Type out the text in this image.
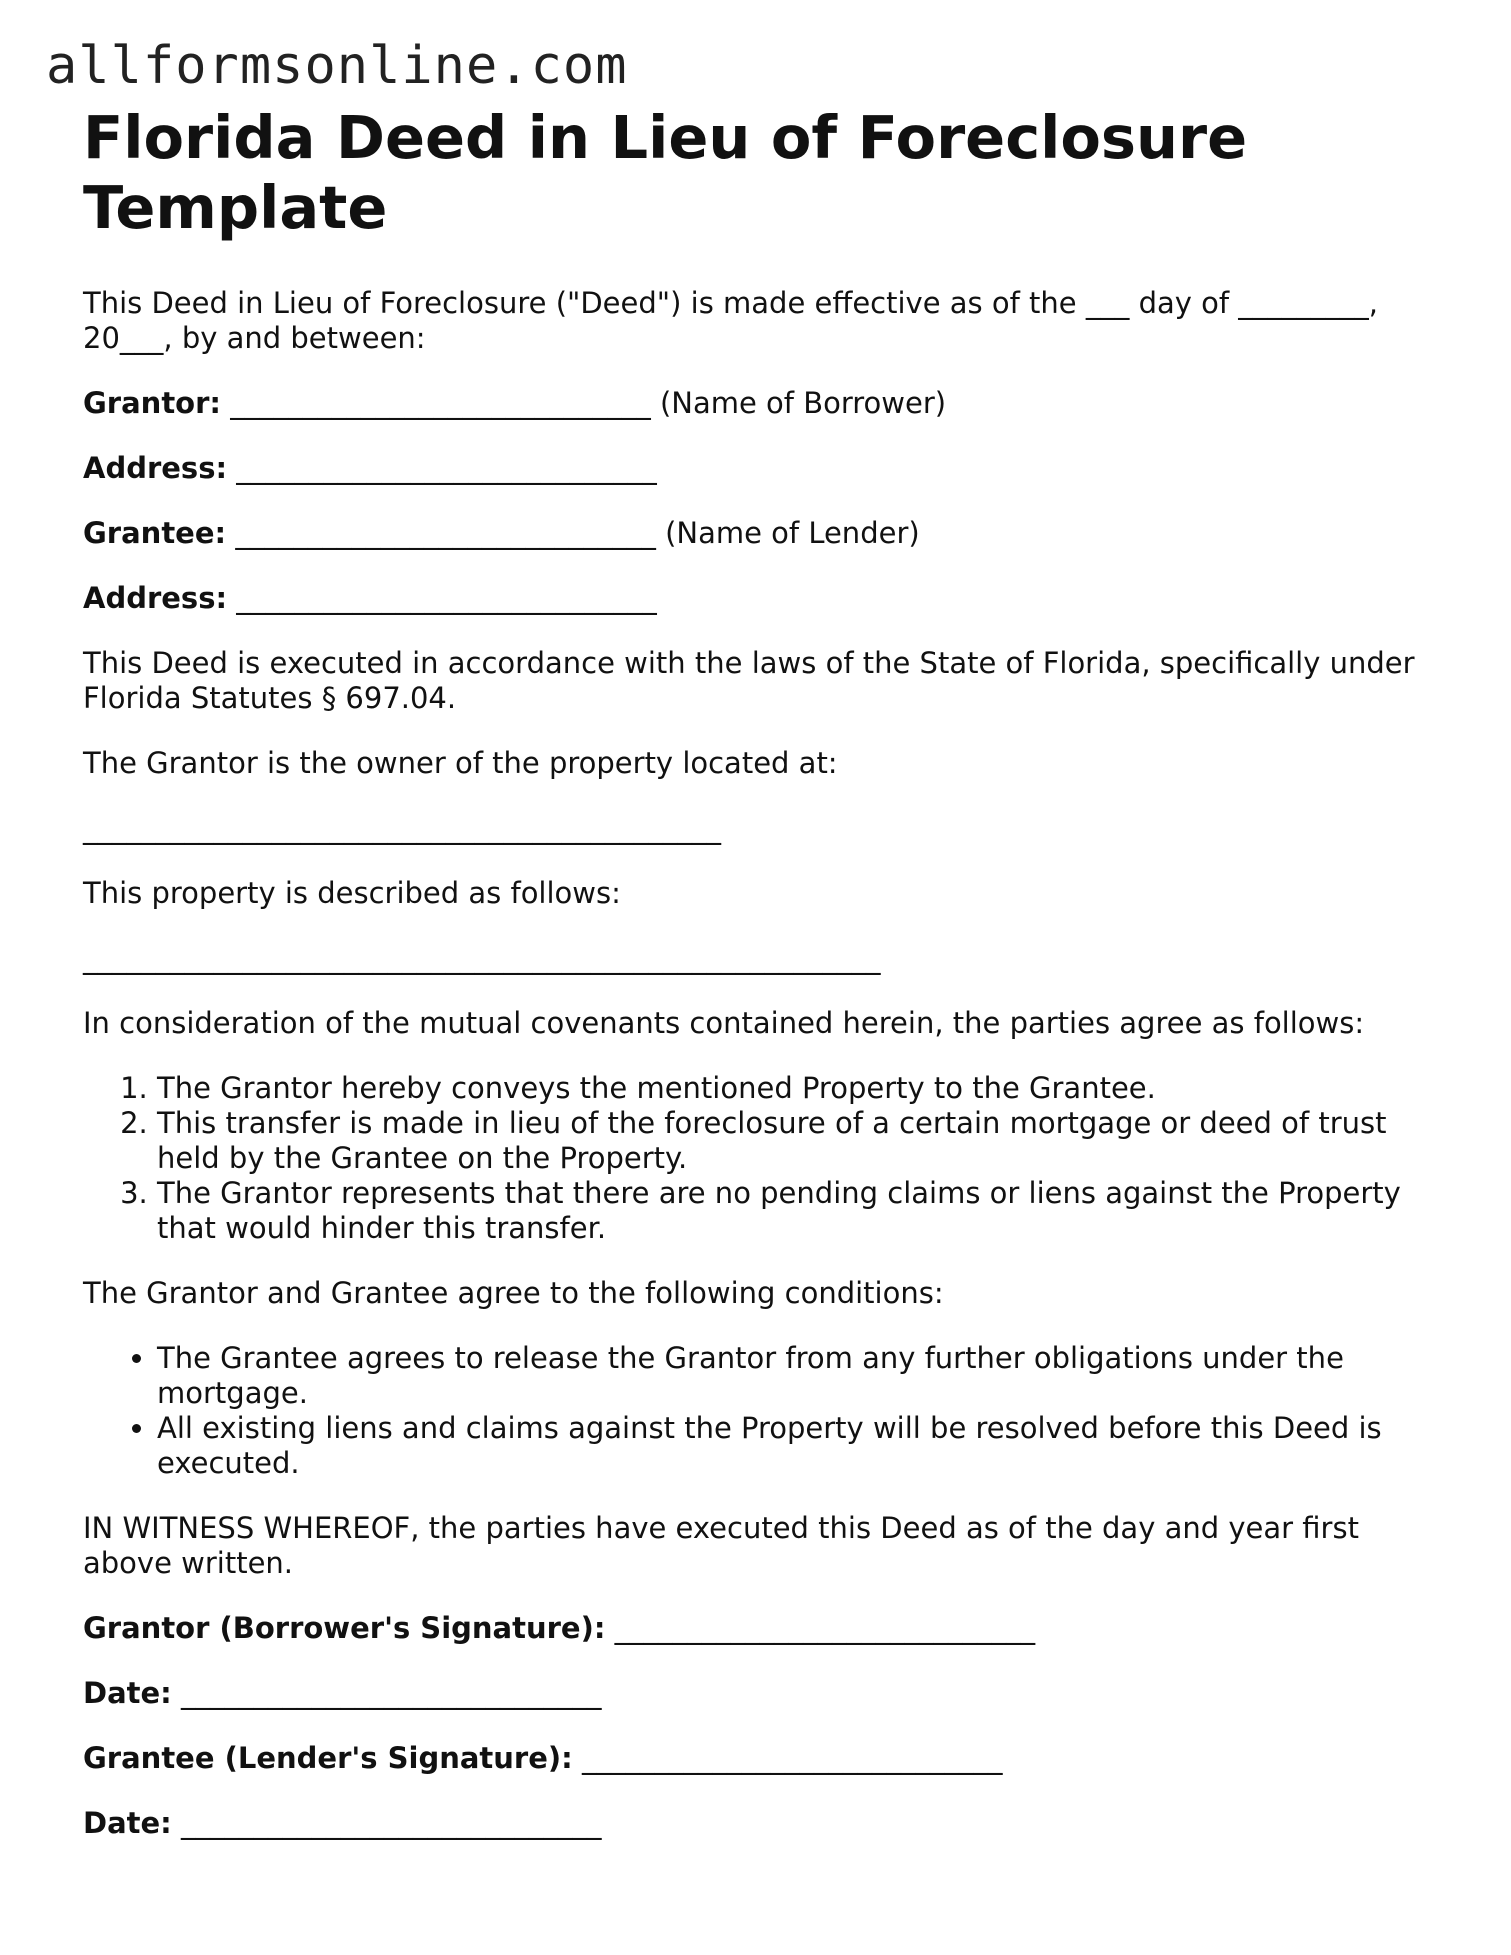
allformsonline.com
Florida Deed in Lieu of Foreclosure Template

This Deed in Lieu of Foreclosure ("Deed") is made effective as of the ___ day of _________, 20___, by and between:

Grantor: _____________________________ (Name of Borrower)
Address: _____________________________
Grantee: _____________________________ (Name of Lender)
Address: _____________________________

This Deed is executed in accordance with the laws of the State of Florida, specifically under Florida Statutes § 697.04.

The Grantor is the owner of the property located at:

____________________________________________

This property is described as follows:

_______________________________________________________

In consideration of the mutual covenants contained herein, the parties agree as follows:

1. The Grantor hereby conveys the mentioned Property to the Grantee.
2. This transfer is made in lieu of the foreclosure of a certain mortgage or deed of trust held by the Grantee on the Property.
3. The Grantor represents that there are no pending claims or liens against the Property that would hinder this transfer.

The Grantor and Grantee agree to the following conditions:

• The Grantee agrees to release the Grantor from any further obligations under the mortgage.
• All existing liens and claims against the Property will be resolved before this Deed is executed.

IN WITNESS WHEREOF, the parties have executed this Deed as of the day and year first above written.

Grantor (Borrower's Signature): _____________________________
Date: _____________________________
Grantee (Lender's Signature): _____________________________
Date: _____________________________
